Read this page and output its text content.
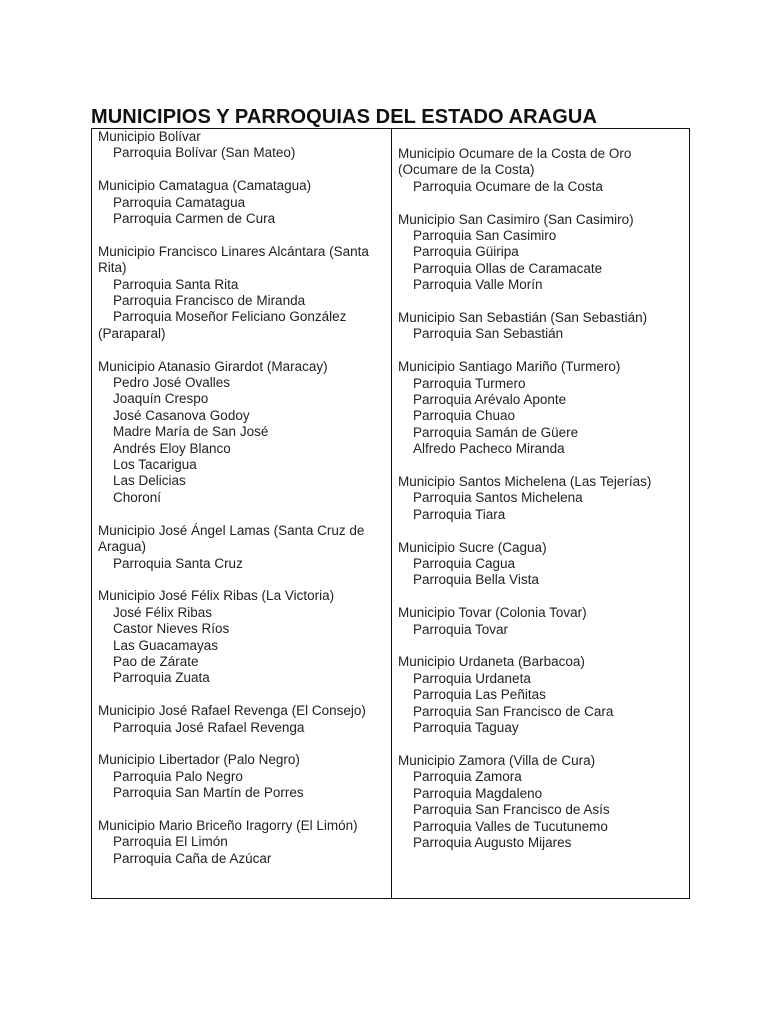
MUNICIPIOS Y PARROQUIAS DEL ESTADO ARAGUA
Municipio Bolívar
Parroquia Bolívar (San Mateo)
Municipio Camatagua (Camatagua)
Parroquia Camatagua
Parroquia Carmen de Cura
Municipio Francisco Linares Alcántara (Santa Rita)
Parroquia Santa Rita
Parroquia Francisco de Miranda
Parroquia Moseñor Feliciano González (Paraparal)
Municipio Atanasio Girardot (Maracay)
Pedro José Ovalles
Joaquín Crespo
José Casanova Godoy
Madre María de San José
Andrés Eloy Blanco
Los Tacarigua
Las Delicias
Choroní
Municipio José Ángel Lamas (Santa Cruz de Aragua)
Parroquia Santa Cruz
Municipio José Félix Ribas (La Victoria)
José Félix Ribas
Castor Nieves Ríos
Las Guacamayas
Pao de Zárate
Parroquia Zuata
Municipio José Rafael Revenga (El Consejo)
Parroquia José Rafael Revenga
Municipio Libertador (Palo Negro)
Parroquia Palo Negro
Parroquia San Martín de Porres
Municipio Mario Briceño Iragorry (El Limón)
Parroquia El Limón
Parroquia Caña de Azúcar
Municipio Ocumare de la Costa de Oro (Ocumare de la Costa)
Parroquia Ocumare de la Costa
Municipio San Casimiro (San Casimiro)
Parroquia San Casimiro
Parroquia Güiripa
Parroquia Ollas de Caramacate
Parroquia Valle Morín
Municipio San Sebastián (San Sebastián)
Parroquia San Sebastián
Municipio Santiago Mariño (Turmero)
Parroquia Turmero
Parroquia Arévalo Aponte
Parroquia Chuao
Parroquia Samán de Güere
Alfredo Pacheco Miranda
Municipio Santos Michelena (Las Tejerías)
Parroquia Santos Michelena
Parroquia Tiara
Municipio Sucre (Cagua)
Parroquia Cagua
Parroquia Bella Vista
Municipio Tovar (Colonia Tovar)
Parroquia Tovar
Municipio Urdaneta (Barbacoa)
Parroquia Urdaneta
Parroquia Las Peñitas
Parroquia San Francisco de Cara
Parroquia Taguay
Municipio Zamora (Villa de Cura)
Parroquia Zamora
Parroquia Magdaleno
Parroquia San Francisco de Asís
Parroquia Valles de Tucutunemo
Parroquia Augusto Mijares
